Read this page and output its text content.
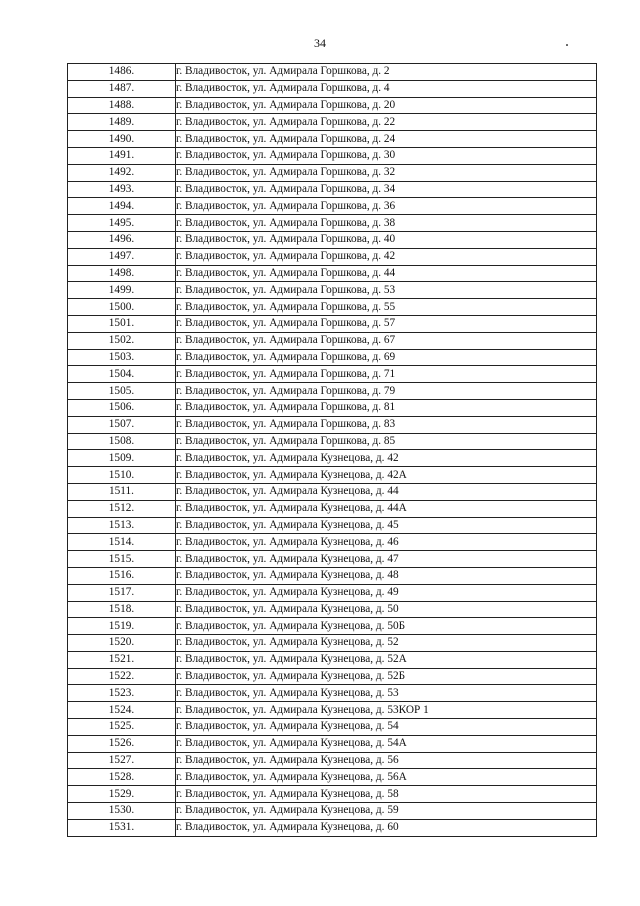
34
1486.	г. Владивосток, ул. Адмирала Горшкова, д. 2
1487.	г. Владивосток, ул. Адмирала Горшкова, д. 4
1488.	г. Владивосток, ул. Адмирала Горшкова, д. 20
1489.	г. Владивосток, ул. Адмирала Горшкова, д. 22
1490.	г. Владивосток, ул. Адмирала Горшкова, д. 24
1491.	г. Владивосток, ул. Адмирала Горшкова, д. 30
1492.	г. Владивосток, ул. Адмирала Горшкова, д. 32
1493.	г. Владивосток, ул. Адмирала Горшкова, д. 34
1494.	г. Владивосток, ул. Адмирала Горшкова, д. 36
1495.	г. Владивосток, ул. Адмирала Горшкова, д. 38
1496.	г. Владивосток, ул. Адмирала Горшкова, д. 40
1497.	г. Владивосток, ул. Адмирала Горшкова, д. 42
1498.	г. Владивосток, ул. Адмирала Горшкова, д. 44
1499.	г. Владивосток, ул. Адмирала Горшкова, д. 53
1500.	г. Владивосток, ул. Адмирала Горшкова, д. 55
1501.	г. Владивосток, ул. Адмирала Горшкова, д. 57
1502.	г. Владивосток, ул. Адмирала Горшкова, д. 67
1503.	г. Владивосток, ул. Адмирала Горшкова, д. 69
1504.	г. Владивосток, ул. Адмирала Горшкова, д. 71
1505.	г. Владивосток, ул. Адмирала Горшкова, д. 79
1506.	г. Владивосток, ул. Адмирала Горшкова, д. 81
1507.	г. Владивосток, ул. Адмирала Горшкова, д. 83
1508.	г. Владивосток, ул. Адмирала Горшкова, д. 85
1509.	г. Владивосток, ул. Адмирала Кузнецова, д. 42
1510.	г. Владивосток, ул. Адмирала Кузнецова, д. 42А
1511.	г. Владивосток, ул. Адмирала Кузнецова, д. 44
1512.	г. Владивосток, ул. Адмирала Кузнецова, д. 44А
1513.	г. Владивосток, ул. Адмирала Кузнецова, д. 45
1514.	г. Владивосток, ул. Адмирала Кузнецова, д. 46
1515.	г. Владивосток, ул. Адмирала Кузнецова, д. 47
1516.	г. Владивосток, ул. Адмирала Кузнецова, д. 48
1517.	г. Владивосток, ул. Адмирала Кузнецова, д. 49
1518.	г. Владивосток, ул. Адмирала Кузнецова, д. 50
1519.	г. Владивосток, ул. Адмирала Кузнецова, д. 50Б
1520.	г. Владивосток, ул. Адмирала Кузнецова, д. 52
1521.	г. Владивосток, ул. Адмирала Кузнецова, д. 52А
1522.	г. Владивосток, ул. Адмирала Кузнецова, д. 52Б
1523.	г. Владивосток, ул. Адмирала Кузнецова, д. 53
1524.	г. Владивосток, ул. Адмирала Кузнецова, д. 53КОР 1
1525.	г. Владивосток, ул. Адмирала Кузнецова, д. 54
1526.	г. Владивосток, ул. Адмирала Кузнецова, д. 54А
1527.	г. Владивосток, ул. Адмирала Кузнецова, д. 56
1528.	г. Владивосток, ул. Адмирала Кузнецова, д. 56А
1529.	г. Владивосток, ул. Адмирала Кузнецова, д. 58
1530.	г. Владивосток, ул. Адмирала Кузнецова, д. 59
1531.	г. Владивосток, ул. Адмирала Кузнецова, д. 60
